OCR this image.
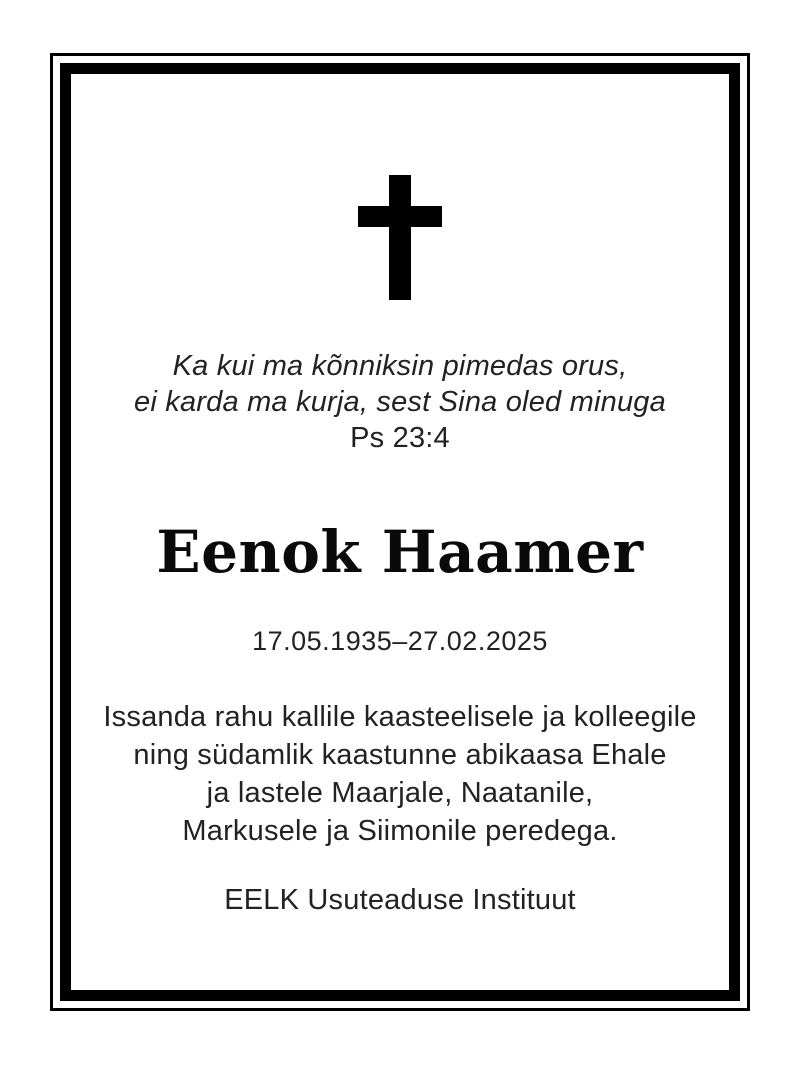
Ka kui ma kõnniksin pimedas orus,
ei karda ma kurja, sest Sina oled minuga
Ps 23:4
Eenok Haamer
17.05.1935–27.02.2025
Issanda rahu kallile kaasteelisele ja kolleegile
ning südamlik kaastunne abikaasa Ehale
ja lastele Maarjale, Naatanile,
Markusele ja Siimonile peredega.
EELK Usuteaduse Instituut
